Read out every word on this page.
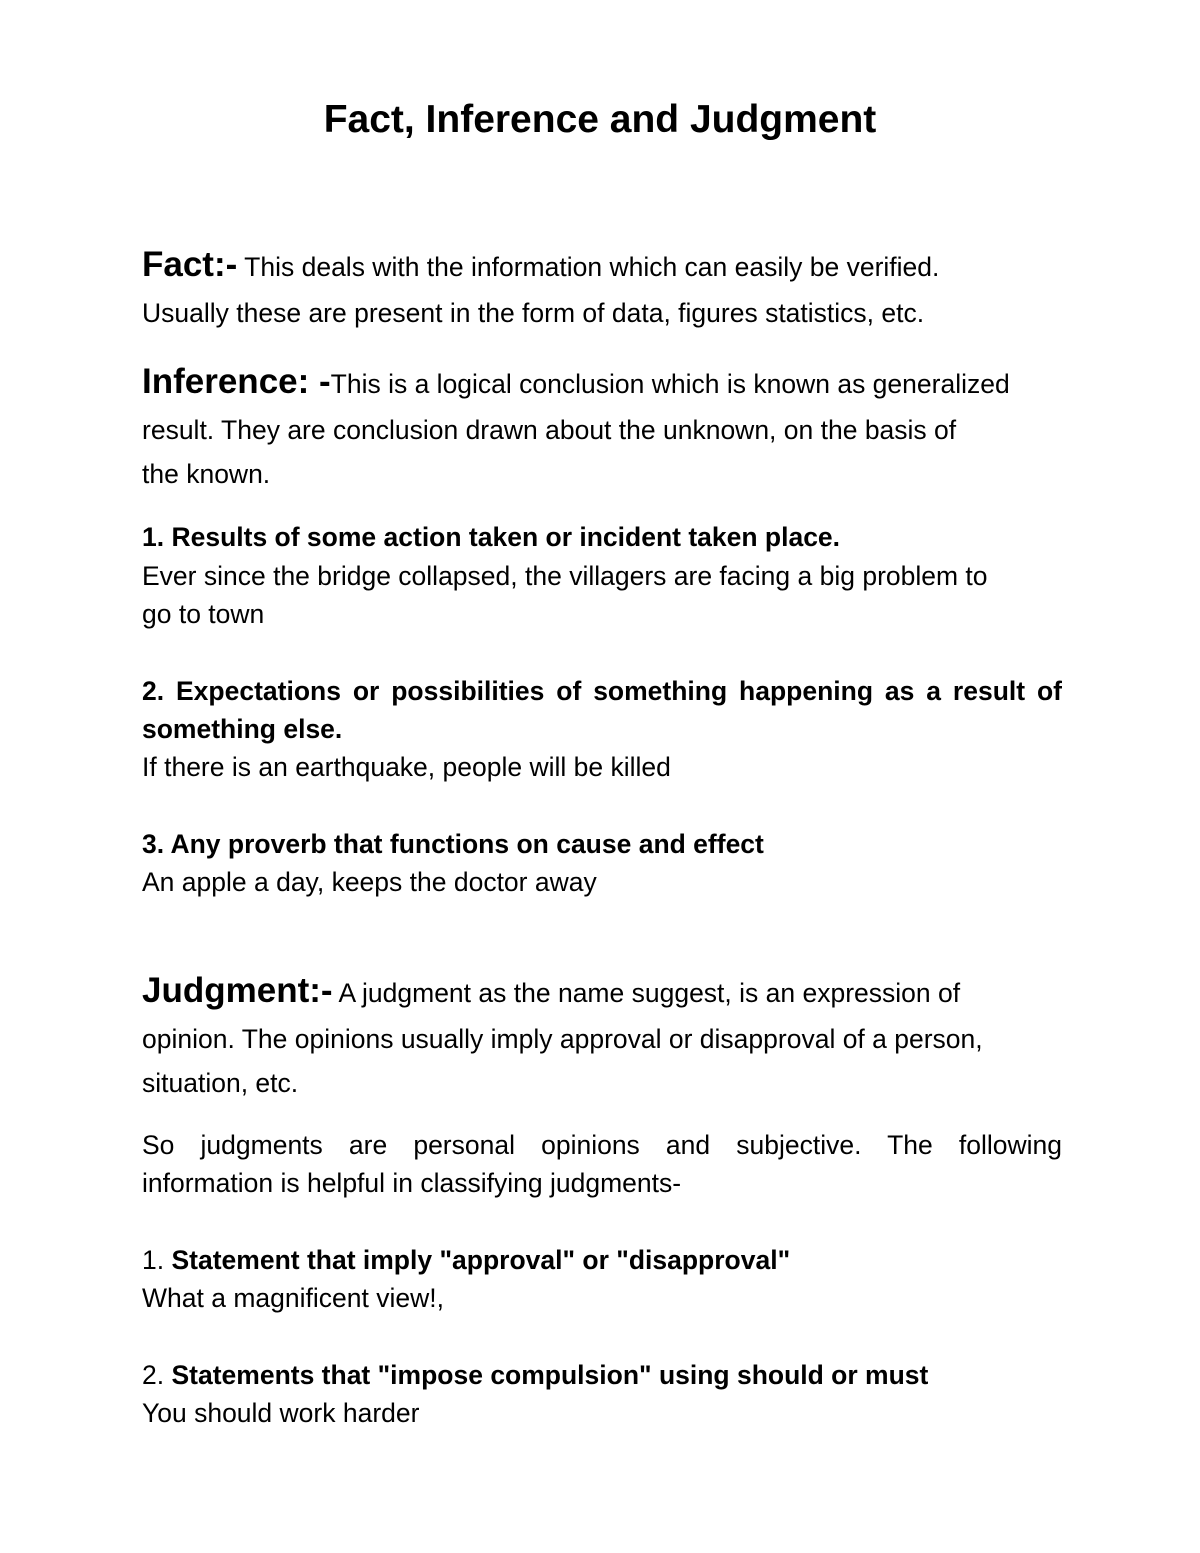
Fact, Inference and Judgment
Fact:- This deals with the information which can easily be verified.
Usually these are present in the form of data, figures statistics, etc.
Inference: -This is a logical conclusion which is known as generalized
result. They are conclusion drawn about the unknown, on the basis of
the known.
1. Results of some action taken or incident taken place.
Ever since the bridge collapsed, the villagers are facing a big problem to
go to town
2. Expectations or possibilities of something happening as a result of
something else.
If there is an earthquake, people will be killed
3. Any proverb that functions on cause and effect
An apple a day, keeps the doctor away
Judgment:- A judgment as the name suggest, is an expression of
opinion. The opinions usually imply approval or disapproval of a person,
situation, etc.
So judgments are personal opinions and subjective. The following
information is helpful in classifying judgments-
1. Statement that imply "approval" or "disapproval"
What a magnificent view!,
2. Statements that "impose compulsion" using should or must
You should work harder
